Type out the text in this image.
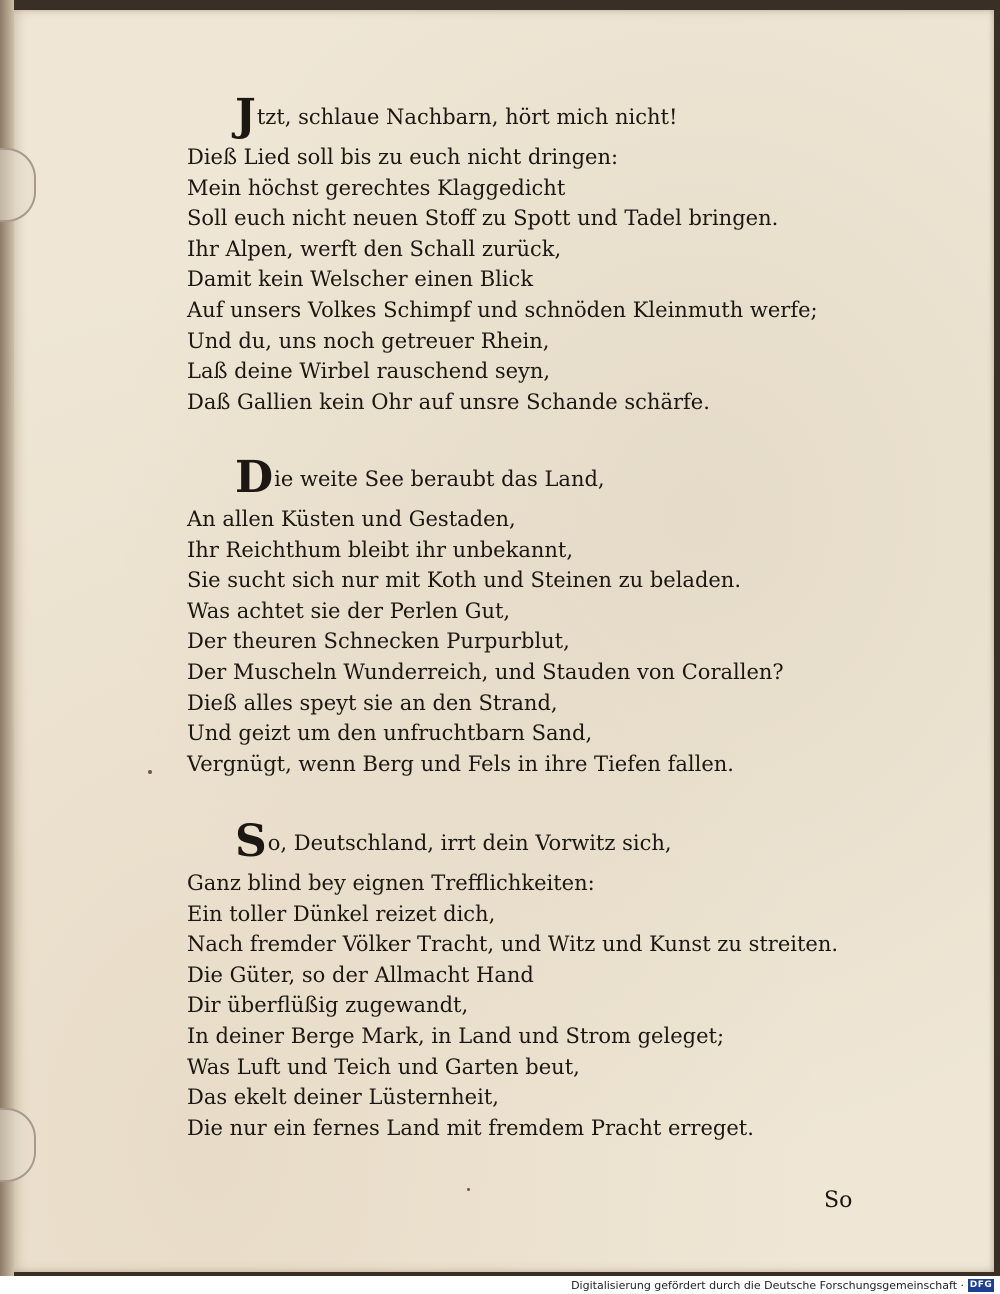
Jtzt, schlaue Nachbarn, hört mich nicht!
Dieß Lied soll bis zu euch nicht dringen:
Mein höchst gerechtes Klaggedicht
Soll euch nicht neuen Stoff zu Spott und Tadel bringen.
Ihr Alpen, werft den Schall zurück,
Damit kein Welscher einen Blick
Auf unsers Volkes Schimpf und schnöden Kleinmuth werfe;
Und du, uns noch getreuer Rhein,
Laß deine Wirbel rauschend seyn,
Daß Gallien kein Ohr auf unsre Schande schärfe.
Die weite See beraubt das Land,
An allen Küsten und Gestaden,
Ihr Reichthum bleibt ihr unbekannt,
Sie sucht sich nur mit Koth und Steinen zu beladen.
Was achtet sie der Perlen Gut,
Der theuren Schnecken Purpurblut,
Der Muscheln Wunderreich, und Stauden von Corallen?
Dieß alles speyt sie an den Strand,
Und geizt um den unfruchtbarn Sand,
Vergnügt, wenn Berg und Fels in ihre Tiefen fallen.
So, Deutschland, irrt dein Vorwitz sich,
Ganz blind bey eignen Trefflichkeiten:
Ein toller Dünkel reizet dich,
Nach fremder Völker Tracht, und Witz und Kunst zu streiten.
Die Güter, so der Allmacht Hand
Dir überflüßig zugewandt,
In deiner Berge Mark, in Land und Strom geleget;
Was Luft und Teich und Garten beut,
Das ekelt deiner Lüsternheit,
Die nur ein fernes Land mit fremdem Pracht erreget.
So
Digitalisierung gefördert durch die Deutsche Forschungsgemeinschaft · DFG
